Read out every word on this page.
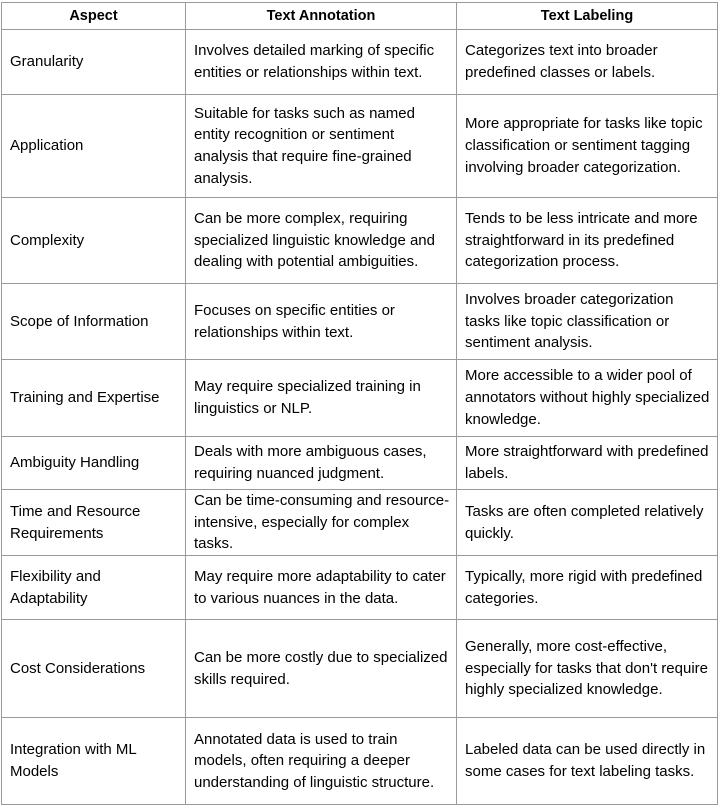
Aspect	Text Annotation	Text Labeling
Granularity	Involves detailed marking of specific entities or relationships within text.	Categorizes text into broader predefined classes or labels.
Application	Suitable for tasks such as named entity recognition or sentiment analysis that require fine-grained analysis.	More appropriate for tasks like topic classification or sentiment tagging involving broader categorization.
Complexity	Can be more complex, requiring specialized linguistic knowledge and dealing with potential ambiguities.	Tends to be less intricate and more straightforward in its predefined categorization process.
Scope of Information	Focuses on specific entities or relationships within text.	Involves broader categorization tasks like topic classification or sentiment analysis.
Training and Expertise	May require specialized training in linguistics or NLP.	More accessible to a wider pool of annotators without highly specialized knowledge.
Ambiguity Handling	Deals with more ambiguous cases, requiring nuanced judgment.	More straightforward with predefined labels.
Time and Resource Requirements	Can be time-consuming and resource-intensive, especially for complex tasks.	Tasks are often completed relatively quickly.
Flexibility and Adaptability	May require more adaptability to cater to various nuances in the data.	Typically, more rigid with predefined categories.
Cost Considerations	Can be more costly due to specialized skills required.	Generally, more cost-effective, especially for tasks that don't require highly specialized knowledge.
Integration with ML Models	Annotated data is used to train models, often requiring a deeper understanding of linguistic structure.	Labeled data can be used directly in some cases for text labeling tasks.
